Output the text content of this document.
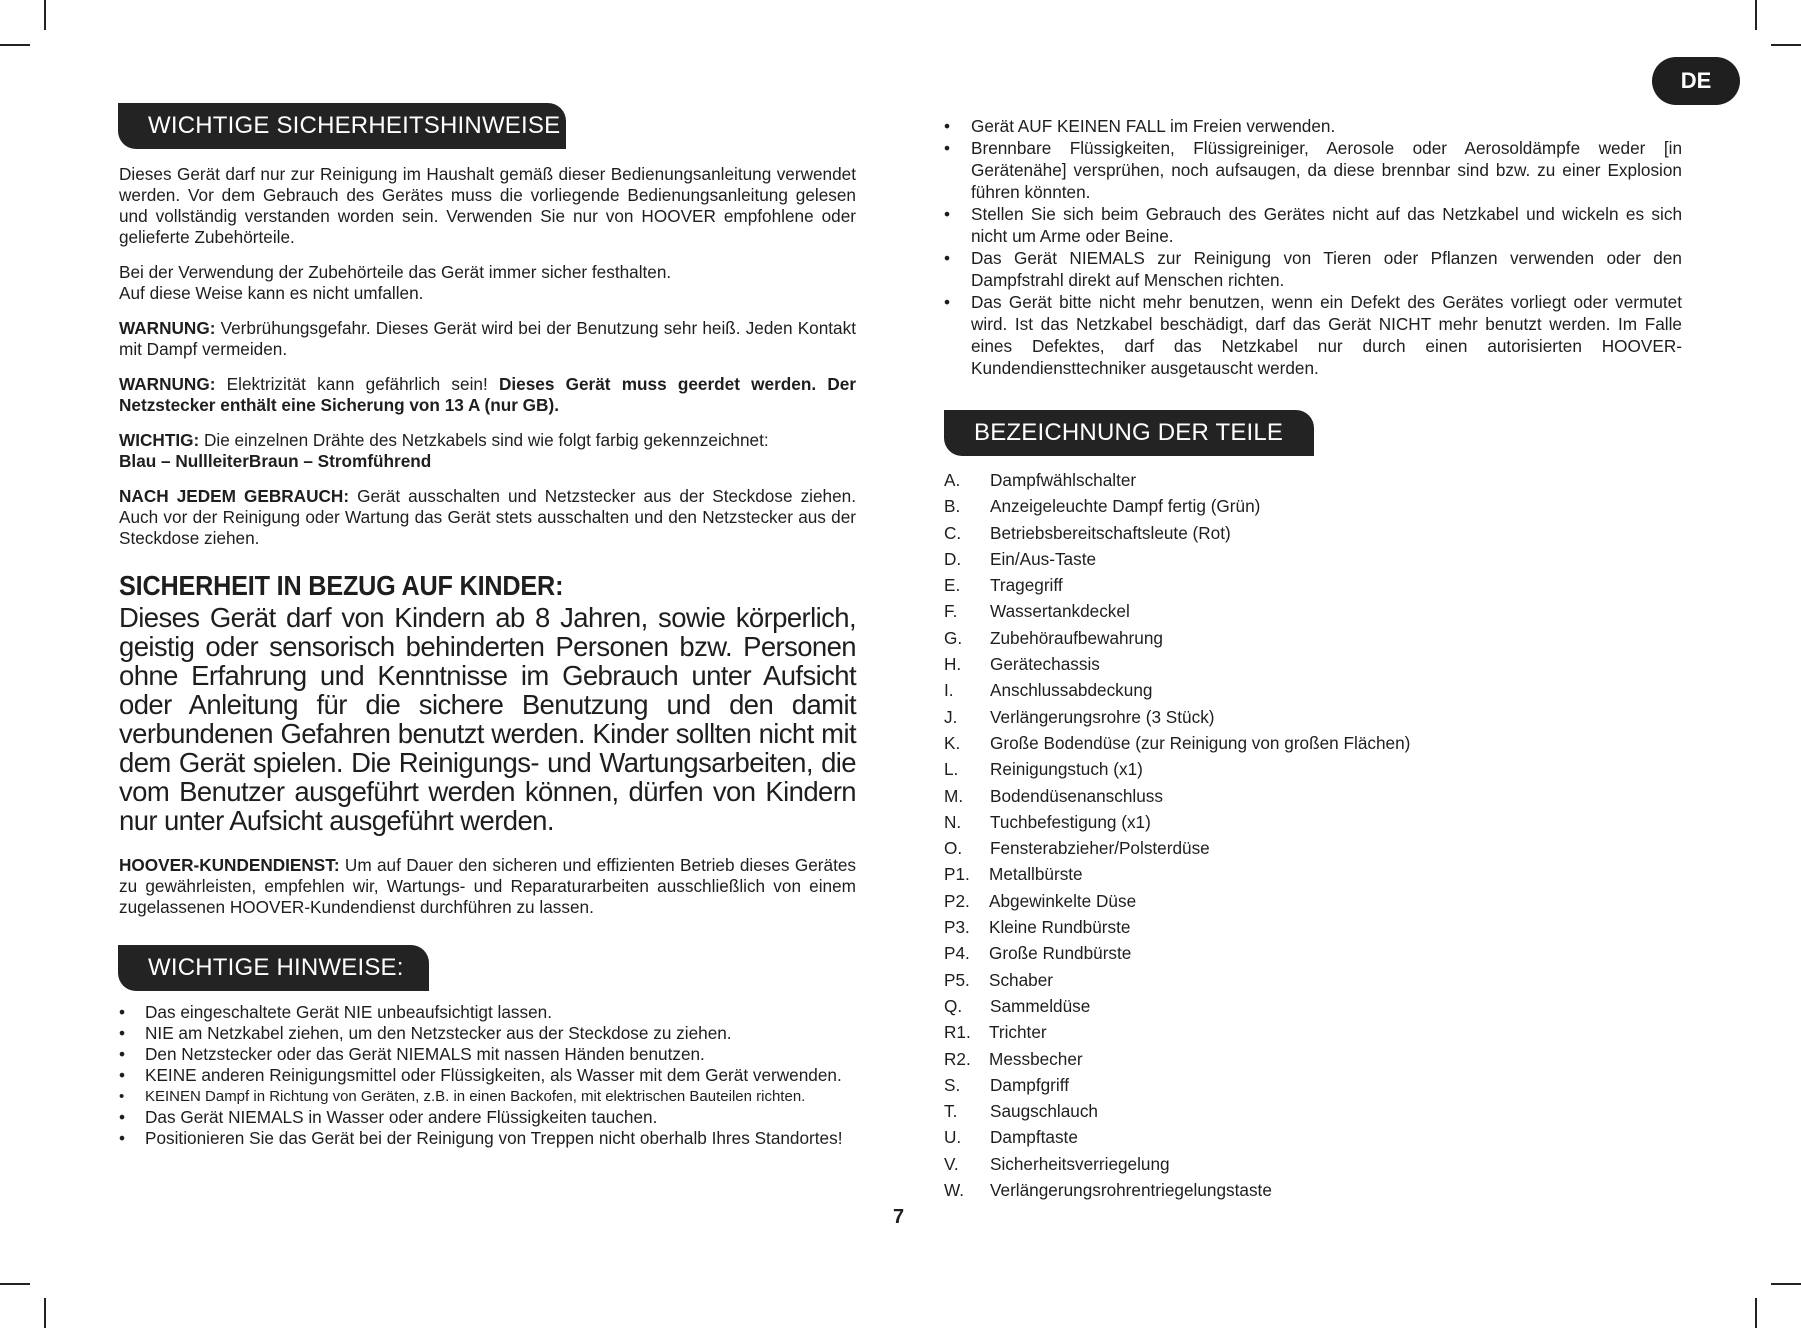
DE
WICHTIGE SICHERHEITSHINWEISE

Dieses Gerät darf nur zur Reinigung im Haushalt gemäß dieser Bedienungsanleitung verwendet werden. Vor dem Gebrauch des Gerätes muss die vorliegende Bedienungsanleitung gelesen und vollständig verstanden worden sein. Verwenden Sie nur von HOOVER empfohlene oder gelieferte Zubehörteile.

Bei der Verwendung der Zubehörteile das Gerät immer sicher festhalten.
Auf diese Weise kann es nicht umfallen.

WARNUNG: Verbrühungsgefahr. Dieses Gerät wird bei der Benutzung sehr heiß. Jeden Kontakt mit Dampf vermeiden.

WARNUNG: Elektrizität kann gefährlich sein! Dieses Gerät muss geerdet werden. Der Netzstecker enthält eine Sicherung von 13 A (nur GB).

WICHTIG: Die einzelnen Drähte des Netzkabels sind wie folgt farbig gekennzeichnet:
Blau – Nullleiter Braun – Stromführend

NACH JEDEM GEBRAUCH: Gerät ausschalten und Netzstecker aus der Steckdose ziehen. Auch vor der Reinigung oder Wartung das Gerät stets ausschalten und den Netzstecker aus der Steckdose ziehen.

SICHERHEIT IN BEZUG AUF KINDER:

Dieses Gerät darf von Kindern ab 8 Jahren, sowie körperlich, geistig oder sensorisch behinderten Personen bzw. Personen ohne Erfahrung und Kenntnisse im Gebrauch unter Aufsicht oder Anleitung für die sichere Benutzung und den damit verbundenen Gefahren benutzt werden. Kinder sollten nicht mit dem Gerät spielen. Die Reinigungs- und Wartungsarbeiten, die vom Benutzer ausgeführt werden können, dürfen von Kindern nur unter Aufsicht ausgeführt werden.

HOOVER-KUNDENDIENST: Um auf Dauer den sicheren und effizienten Betrieb dieses Gerätes zu gewährleisten, empfehlen wir, Wartungs- und Reparaturarbeiten ausschließlich von einem zugelassenen HOOVER-Kundendienst durchführen zu lassen.

WICHTIGE HINWEISE:
• Das eingeschaltete Gerät NIE unbeaufsichtigt lassen.
• NIE am Netzkabel ziehen, um den Netzstecker aus der Steckdose zu ziehen.
• Den Netzstecker oder das Gerät NIEMALS mit nassen Händen benutzen.
• KEINE anderen Reinigungsmittel oder Flüssigkeiten, als Wasser mit dem Gerät verwenden.
• KEINEN Dampf in Richtung von Geräten, z.B. in einen Backofen, mit elektrischen Bauteilen richten.
• Das Gerät NIEMALS in Wasser oder andere Flüssigkeiten tauchen.
• Positionieren Sie das Gerät bei der Reinigung von Treppen nicht oberhalb Ihres Standortes!
7
• Gerät AUF KEINEN FALL im Freien verwenden.
• Brennbare Flüssigkeiten, Flüssigreiniger, Aerosole oder Aerosoldämpfe weder [in Gerätenähe] versprühen, noch aufsaugen, da diese brennbar sind bzw. zu einer Explosion führen könnten.
• Stellen Sie sich beim Gebrauch des Gerätes nicht auf das Netzkabel und wickeln es sich nicht um Arme oder Beine.
• Das Gerät NIEMALS zur Reinigung von Tieren oder Pflanzen verwenden oder den Dampfstrahl direkt auf Menschen richten.
• Das Gerät bitte nicht mehr benutzen, wenn ein Defekt des Gerätes vorliegt oder vermutet wird. Ist das Netzkabel beschädigt, darf das Gerät NICHT mehr benutzt werden. Im Falle eines Defektes, darf das Netzkabel nur durch einen autorisierten HOOVER-Kundendiensttechniker ausgetauscht werden.
BEZEICHNUNG DER TEILE
A.	Dampfwählschalter
B.	Anzeigeleuchte Dampf fertig (Grün)
C.	Betriebsbereitschaftsleute (Rot)
D.	Ein/Aus-Taste
E.	Tragegriff
F.	Wassertankdeckel
G.	Zubehöraufbewahrung
H.	Gerätechassis
I.	Anschlussabdeckung
J.	Verlängerungsrohre (3 Stück)
K.	Große Bodendüse (zur Reinigung von großen Flächen)
L.	Reinigungstuch (x1)
M.	Bodendüsenanschluss
N.	Tuchbefestigung (x1)
O.	Fensterabzieher/Polsterdüse
P1.	Metallbürste
P2.	Abgewinkelte Düse
P3.	Kleine Rundbürste
P4.	Große Rundbürste
P5.	Schaber
Q.	Sammeldüse
R1.	Trichter
R2.	Messbecher
S.	Dampfgriff
T.	Saugschlauch
U.	Dampftaste
V.	Sicherheitsverriegelung
W.	Verlängerungsrohrentriegelungstaste
